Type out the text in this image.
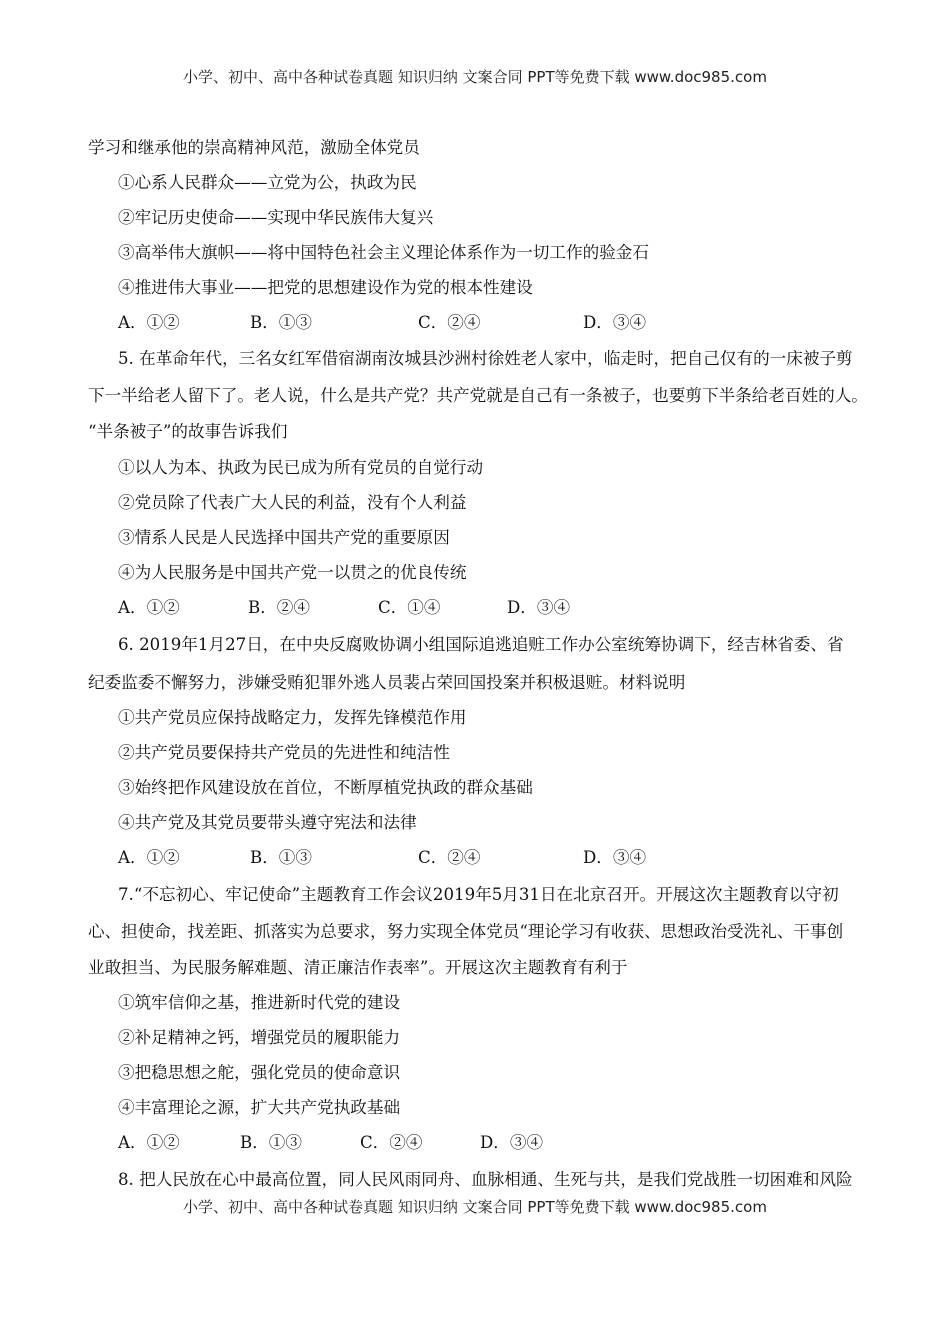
小学、初中、高中各种试卷真题 知识归纳 文案合同 PPT等免费下载 www.doc985.com
学习和继承他的崇高精神风范，激励全体党员
①心系人民群众——立党为公，执政为民
②牢记历史使命——实现中华民族伟大复兴
③高举伟大旗帜——将中国特色社会主义理论体系作为一切工作的验金石
④推进伟大事业——把党的思想建设作为党的根本性建设
A．①②	B．①③	C．②④	D．③④
5. 在革命年代，三名女红军借宿湖南汝城县沙洲村徐姓老人家中，临走时，把自己仅有的一床被子剪
下一半给老人留下了。老人说，什么是共产党？共产党就是自己有一条被子，也要剪下半条给老百姓的人。
“半条被子”的故事告诉我们
①以人为本、执政为民已成为所有党员的自觉行动
②党员除了代表广大人民的利益，没有个人利益
③情系人民是人民选择中国共产党的重要原因
④为人民服务是中国共产党一以贯之的优良传统
A．①②	B．②④	C．①④	D．③④
6. 2019年1月27日，在中央反腐败协调小组国际追逃追赃工作办公室统筹协调下，经吉林省委、省
纪委监委不懈努力，涉嫌受贿犯罪外逃人员裴占荣回国投案并积极退赃。材料说明
①共产党员应保持战略定力，发挥先锋模范作用
②共产党员要保持共产党员的先进性和纯洁性
③始终把作风建设放在首位，不断厚植党执政的群众基础
④共产党及其党员要带头遵守宪法和法律
A．①②	B．①③	C．②④	D．③④
7.“不忘初心、牢记使命”主题教育工作会议2019年5月31日在北京召开。开展这次主题教育以守初
心、担使命，找差距、抓落实为总要求，努力实现全体党员“理论学习有收获、思想政治受洗礼、干事创
业敢担当、为民服务解难题、清正廉洁作表率”。开展这次主题教育有利于
①筑牢信仰之基，推进新时代党的建设
②补足精神之钙，增强党员的履职能力
③把稳思想之舵，强化党员的使命意识
④丰富理论之源，扩大共产党执政基础
A．①②	B．①③	C．②④	D．③④
8. 把人民放在心中最高位置，同人民风雨同舟、血脉相通、生死与共，是我们党战胜一切困难和风险
小学、初中、高中各种试卷真题 知识归纳 文案合同 PPT等免费下载 www.doc985.com
